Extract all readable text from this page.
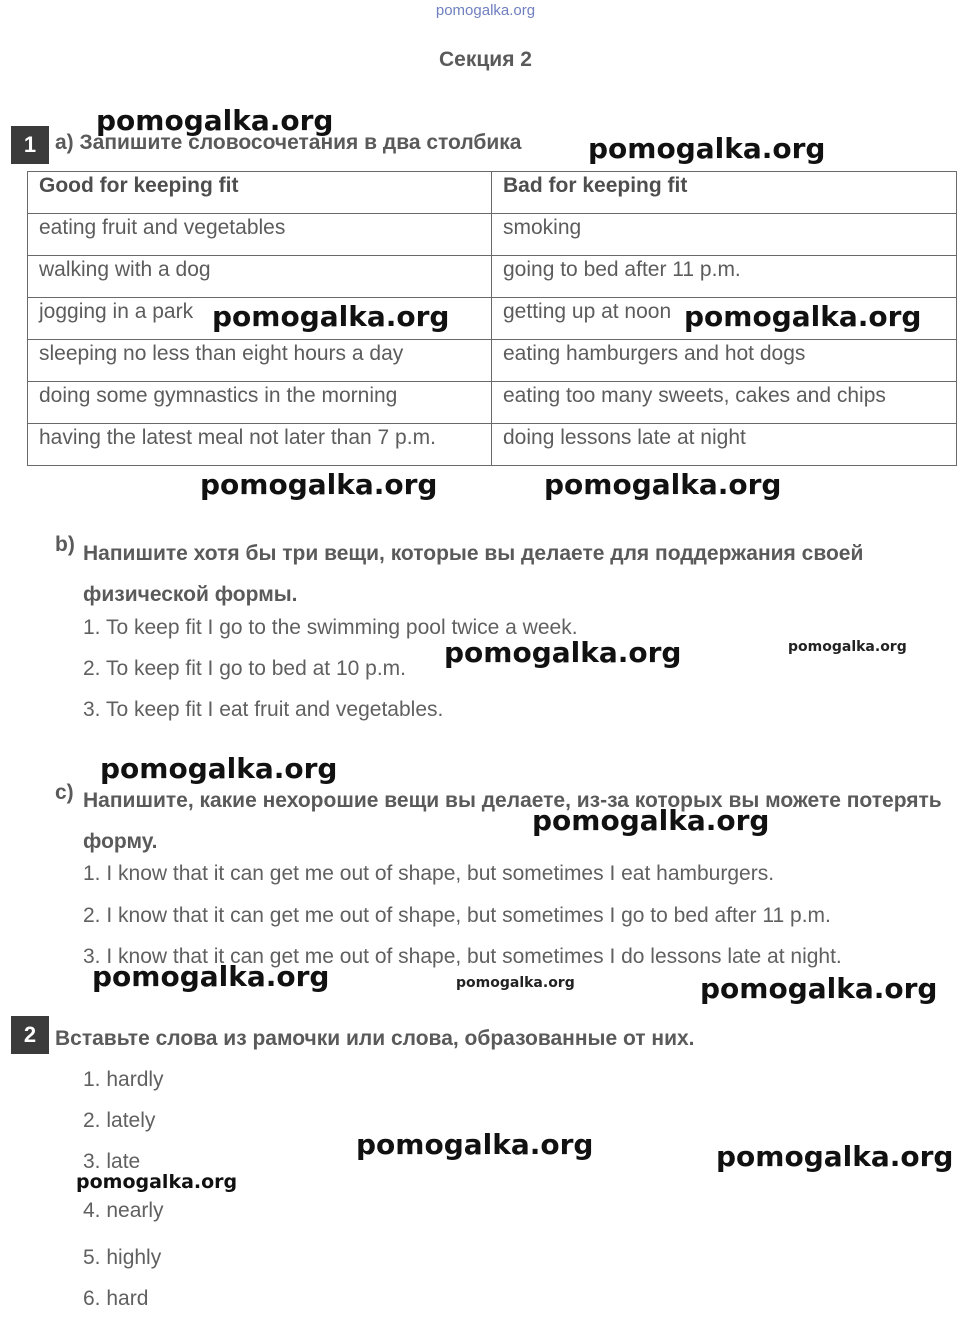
pomogalka.org
Секция 2
1 a) Запишите словосочетания в два столбика
Good for keeping fit	Bad for keeping fit
eating fruit and vegetables	smoking
walking with a dog	going to bed after 11 p.m.
jogging in a park	getting up at noon
sleeping no less than eight hours a day	eating hamburgers and hot dogs
doing some gymnastics in the morning	eating too many sweets, cakes and chips
having the latest meal not later than 7 p.m.	doing lessons late at night
b) Напишите хотя бы три вещи, которые вы делаете для поддержания своей физической формы.
1. To keep fit I go to the swimming pool twice a week.
2. To keep fit I go to bed at 10 p.m.
3. To keep fit I eat fruit and vegetables.
c) Напишите, какие нехорошие вещи вы делаете, из-за которых вы можете потерять форму.
1. I know that it can get me out of shape, but sometimes I eat hamburgers.
2. I know that it can get me out of shape, but sometimes I go to bed after 11 p.m.
3. I know that it can get me out of shape, but sometimes I do lessons late at night.
2 Вставьте слова из рамочки или слова, образованные от них.
1. hardly
2. lately
3. late
4. nearly
5. highly
6. hard
pomogalka.org
pomogalka.org
pomogalka.org	pomogalka.org
pomogalka.org	pomogalka.org
pomogalka.org	pomogalka.org
pomogalka.org
pomogalka.org
pomogalka.org	pomogalka.org	pomogalka.org
pomogalka.org	pomogalka.org
pomogalka.org
